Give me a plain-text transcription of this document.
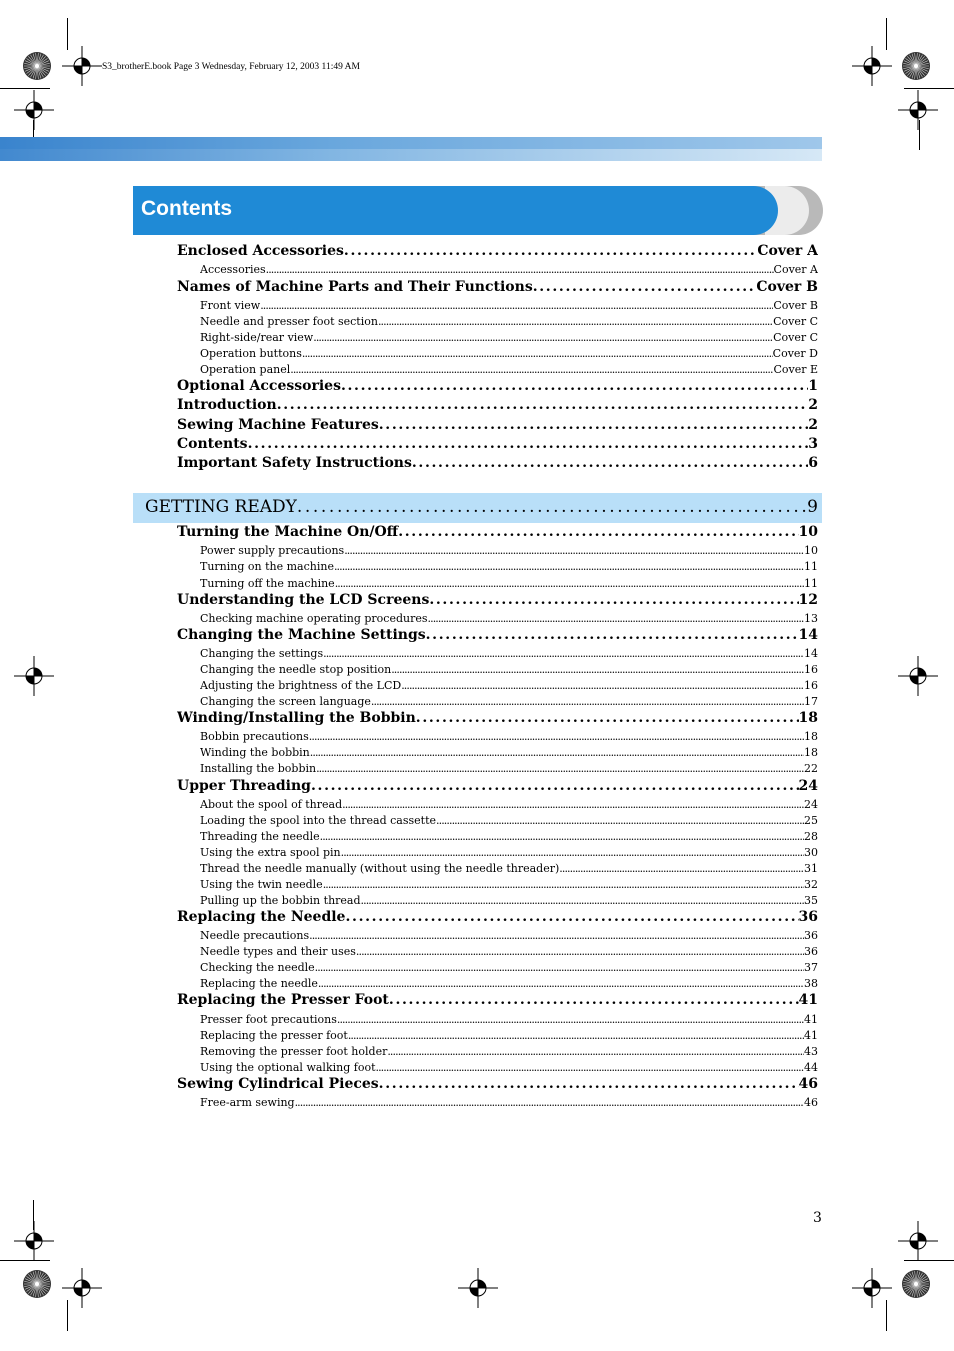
S3_brotherE.book Page 3 Wednesday, February 12, 2003 11:49 AM
Contents
Enclosed Accessories . . .	Cover A
Accessories . . .	Cover A
Names of Machine Parts and Their Functions . . .	Cover B
Front view . . .	Cover B
Needle and presser foot section . . .	Cover C
Right-side/rear view . . .	Cover C
Operation buttons . . .	Cover D
Operation panel . . .	Cover E
Optional Accessories . . .	1
Introduction . . .	2
Sewing Machine Features . . .	2
Contents . . .	3
Important Safety Instructions . . .	6
GETTING READY . . .	9
Turning the Machine On/Off . . .	10
Power supply precautions . . .	10
Turning on the machine . . .	11
Turning off the machine . . .	11
Understanding the LCD Screens . . .	12
Checking machine operating procedures . . .	13
Changing the Machine Settings . . .	14
Changing the settings . . .	14
Changing the needle stop position . . .	16
Adjusting the brightness of the LCD . . .	16
Changing the screen language . . .	17
Winding/Installing the Bobbin . . .	18
Bobbin precautions . . .	18
Winding the bobbin . . .	18
Installing the bobbin . . .	22
Upper Threading . . .	24
About the spool of thread . . .	24
Loading the spool into the thread cassette . . .	25
Threading the needle . . .	28
Using the extra spool pin . . .	30
Thread the needle manually (without using the needle threader) . . .	31
Using the twin needle . . .	32
Pulling up the bobbin thread . . .	35
Replacing the Needle . . .	36
Needle precautions . . .	36
Needle types and their uses . . .	36
Checking the needle . . .	37
Replacing the needle . . .	38
Replacing the Presser Foot . . .	41
Presser foot precautions . . .	41
Replacing the presser foot . . .	41
Removing the presser foot holder . . .	43
Using the optional walking foot . . .	44
Sewing Cylindrical Pieces . . .	46
Free-arm sewing . . .	46
3
